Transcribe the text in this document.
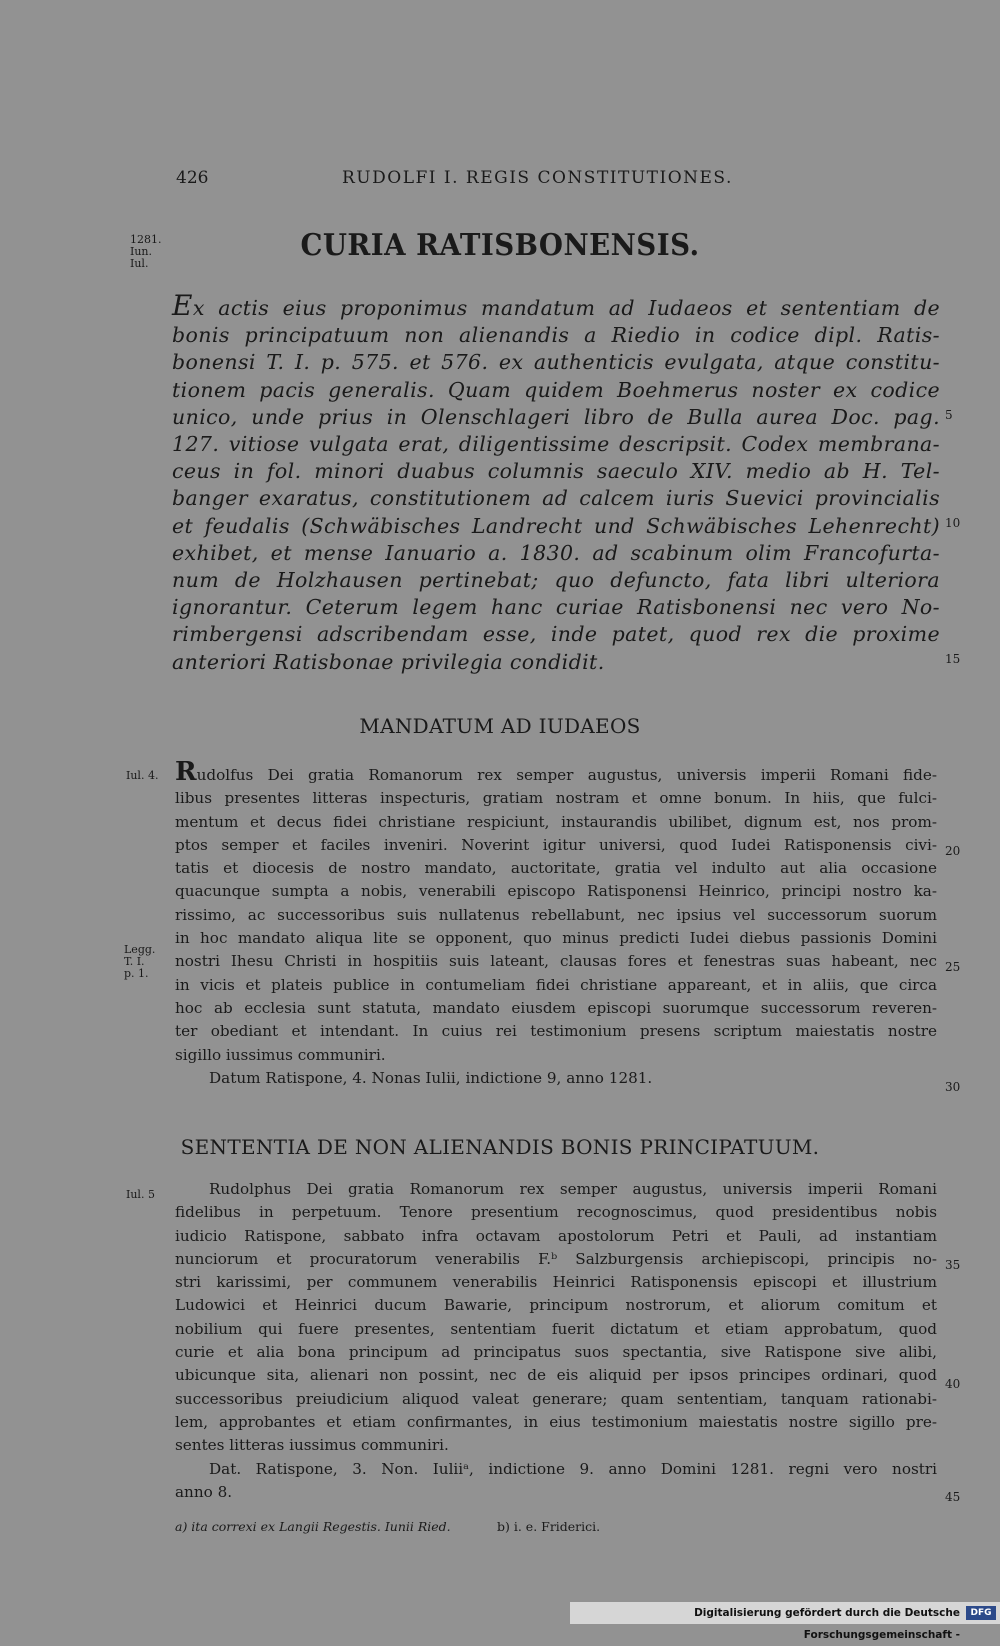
426	RUDOLFI I. REGIS CONSTITUTIONES.
1281.
Iun.
Iul.
Iul. 4.
Legg.
T. I.
p. 1.
Iul. 5
5
10
15
20
25
30
35
40
45
CURIA RATISBONENSIS.
Ex actis eius proponimus mandatum ad Iudaeos et sententiam de
bonis principatuum non alienandis a Riedio in codice dipl. Ratis-
bonensi T. I. p. 575. et 576. ex authenticis evulgata, atque constitu-
tionem pacis generalis. Quam quidem Boehmerus noster ex codice
unico, unde prius in Olenschlageri libro de Bulla aurea Doc. pag.
127. vitiose vulgata erat, diligentissime descripsit. Codex membrana-
ceus in fol. minori duabus columnis saeculo XIV. medio ab H. Tel-
banger exaratus, constitutionem ad calcem iuris Suevici provincialis
et feudalis (Schwäbisches Landrecht und Schwäbisches Lehenrecht)
exhibet, et mense Ianuario a. 1830. ad scabinum olim Francofurta-
num de Holzhausen pertinebat; quo defuncto, fata libri ulteriora
ignorantur. Ceterum legem hanc curiae Ratisbonensi nec vero No-
rimbergensi adscribendam esse, inde patet, quod rex die proxime
anteriori Ratisbonae privilegia condidit.
MANDATUM AD IUDAEOS
Rudolfus Dei gratia Romanorum rex semper augustus, universis imperii Romani fide-
libus presentes litteras inspecturis, gratiam nostram et omne bonum. In hiis, que fulci-
mentum et decus fidei christiane respiciunt, instaurandis ubilibet, dignum est, nos prom-
ptos semper et faciles inveniri. Noverint igitur universi, quod Iudei Ratisponensis civi-
tatis et diocesis de nostro mandato, auctoritate, gratia vel indulto aut alia occasione
quacunque sumpta a nobis, venerabili episcopo Ratisponensi Heinrico, principi nostro ka-
rissimo, ac successoribus suis nullatenus rebellabunt, nec ipsius vel successorum suorum
in hoc mandato aliqua lite se opponent, quo minus predicti Iudei diebus passionis Domini
nostri Ihesu Christi in hospitiis suis lateant, clausas fores et fenestras suas habeant, nec
in vicis et plateis publice in contumeliam fidei christiane appareant, et in aliis, que circa
hoc ab ecclesia sunt statuta, mandato eiusdem episcopi suorumque successorum reveren-
ter obediant et intendant. In cuius rei testimonium presens scriptum maiestatis nostre
sigillo iussimus communiri.
Datum Ratispone, 4. Nonas Iulii, indictione 9, anno 1281.
SENTENTIA DE NON ALIENANDIS BONIS PRINCIPATUUM.
Rudolphus Dei gratia Romanorum rex semper augustus, universis imperii Romani
fidelibus in perpetuum. Tenore presentium recognoscimus, quod presidentibus nobis
iudicio Ratispone, sabbato infra octavam apostolorum Petri et Pauli, ad instantiam
nunciorum et procuratorum venerabilis F.ᵇ Salzburgensis archiepiscopi, principis no-
stri karissimi, per communem venerabilis Heinrici Ratisponensis episcopi et illustrium
Ludowici et Heinrici ducum Bawarie, principum nostrorum, et aliorum comitum et
nobilium qui fuere presentes, sententiam fuerit dictatum et etiam approbatum, quod
curie et alia bona principum ad principatus suos spectantia, sive Ratispone sive alibi,
ubicunque sita, alienari non possint, nec de eis aliquid per ipsos principes ordinari, quod
successoribus preiudicium aliquod valeat generare; quam sententiam, tanquam rationabi-
lem, approbantes et etiam confirmantes, in eius testimonium maiestatis nostre sigillo pre-
sentes litteras iussimus communiri.
Dat. Ratispone, 3. Non. Iuliiᵃ, indictione 9. anno Domini 1281. regni vero nostri
anno 8.
a) ita correxi ex Langii Regestis. Iunii Ried.	b) i. e. Friderici.
Digitalisierung gefördert durch die Deutsche Forschungsgemeinschaft -
DFG
